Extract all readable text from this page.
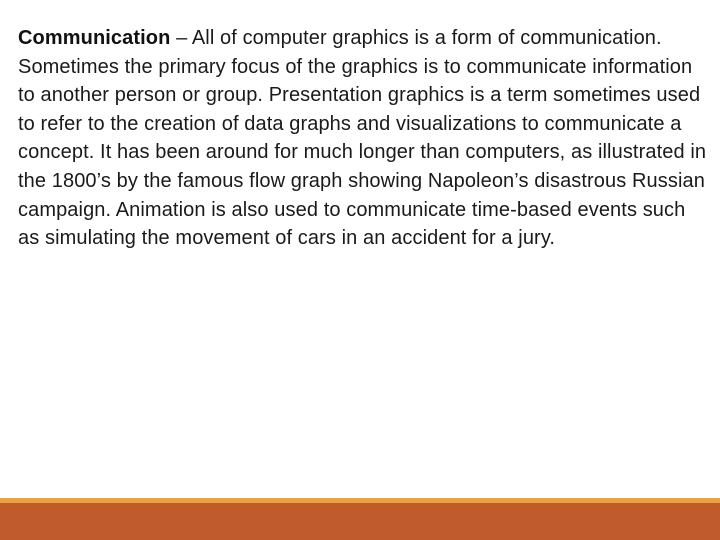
Communication – All of computer graphics is a form of communication. Sometimes the primary focus of the graphics is to communicate information to another person or group. Presentation graphics is a term sometimes used to refer to the creation of data graphs and visualizations to communicate a concept. It has been around for much longer than computers, as illustrated in the 1800’s by the famous flow graph showing Napoleon’s disastrous Russian campaign. Animation is also used to communicate time-based events such as simulating the movement of cars in an accident for a jury.
